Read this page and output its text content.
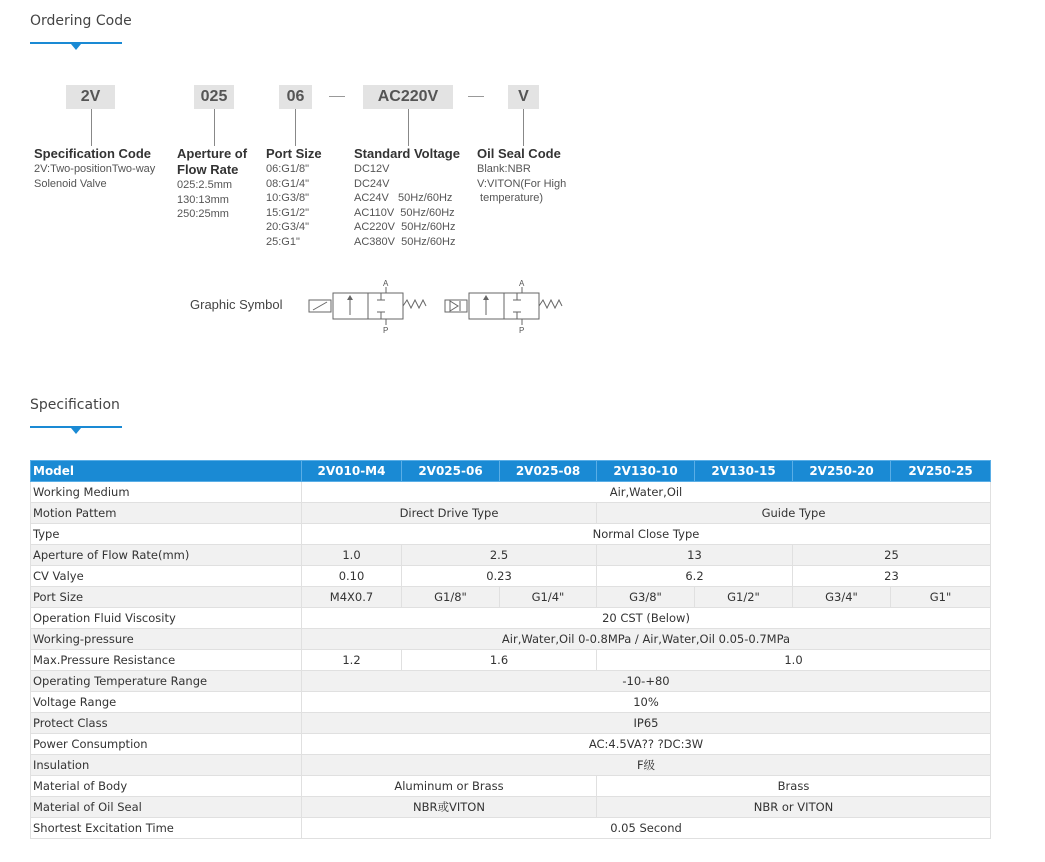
Ordering Code
2V	025	06	AC220V	V
Specification Code
2V:Two-positionTwo-way
Solenoid Valve
Aperture of
Flow Rate
025:2.5mm
130:13mm
250:25mm
Port Size
06:G1/8"
08:G1/4"
10:G3/8"
15:G1/2"
20:G3/4"
25:G1"
Standard Voltage
DC12V
DC24V
AC24V   50Hz/60Hz
AC110V  50Hz/60Hz
AC220V  50Hz/60Hz
AC380V  50Hz/60Hz
Oil Seal Code
Blank:NBR
V:VITON(For High
temperature)
Graphic Symbol
A
P
A
P
Specification
Model	2V010-M4	2V025-06	2V025-08	2V130-10	2V130-15	2V250-20	2V250-25
Working Medium	Air,Water,Oil						
Motion Pattem	Direct Drive Type			Guide Type			
Type	Normal Close Type						
Aperture of Flow Rate(mm)	1.0	2.5		13		25	
CV Valye	0.10	0.23		6.2		23	
Port Size	M4X0.7	G1/8"	G1/4"	G3/8"	G1/2"	G3/4"	G1"
Operation Fluid Viscosity	20 CST (Below)						
Working-pressure	Air,Water,Oil 0-0.8MPa / Air,Water,Oil 0.05-0.7MPa						
Max.Pressure Resistance	1.2	1.6		1.0			
Operating Temperature Range	-10-+80						
Voltage Range	10%						
Protect Class	IP65						
Power Consumption	AC:4.5VA?? ?DC:3W						
Insulation	F级						
Material of Body	Aluminum or Brass			Brass			
Material of Oil Seal	NBR或VITON			NBR or VITON			
Shortest Excitation Time	0.05 Second						
